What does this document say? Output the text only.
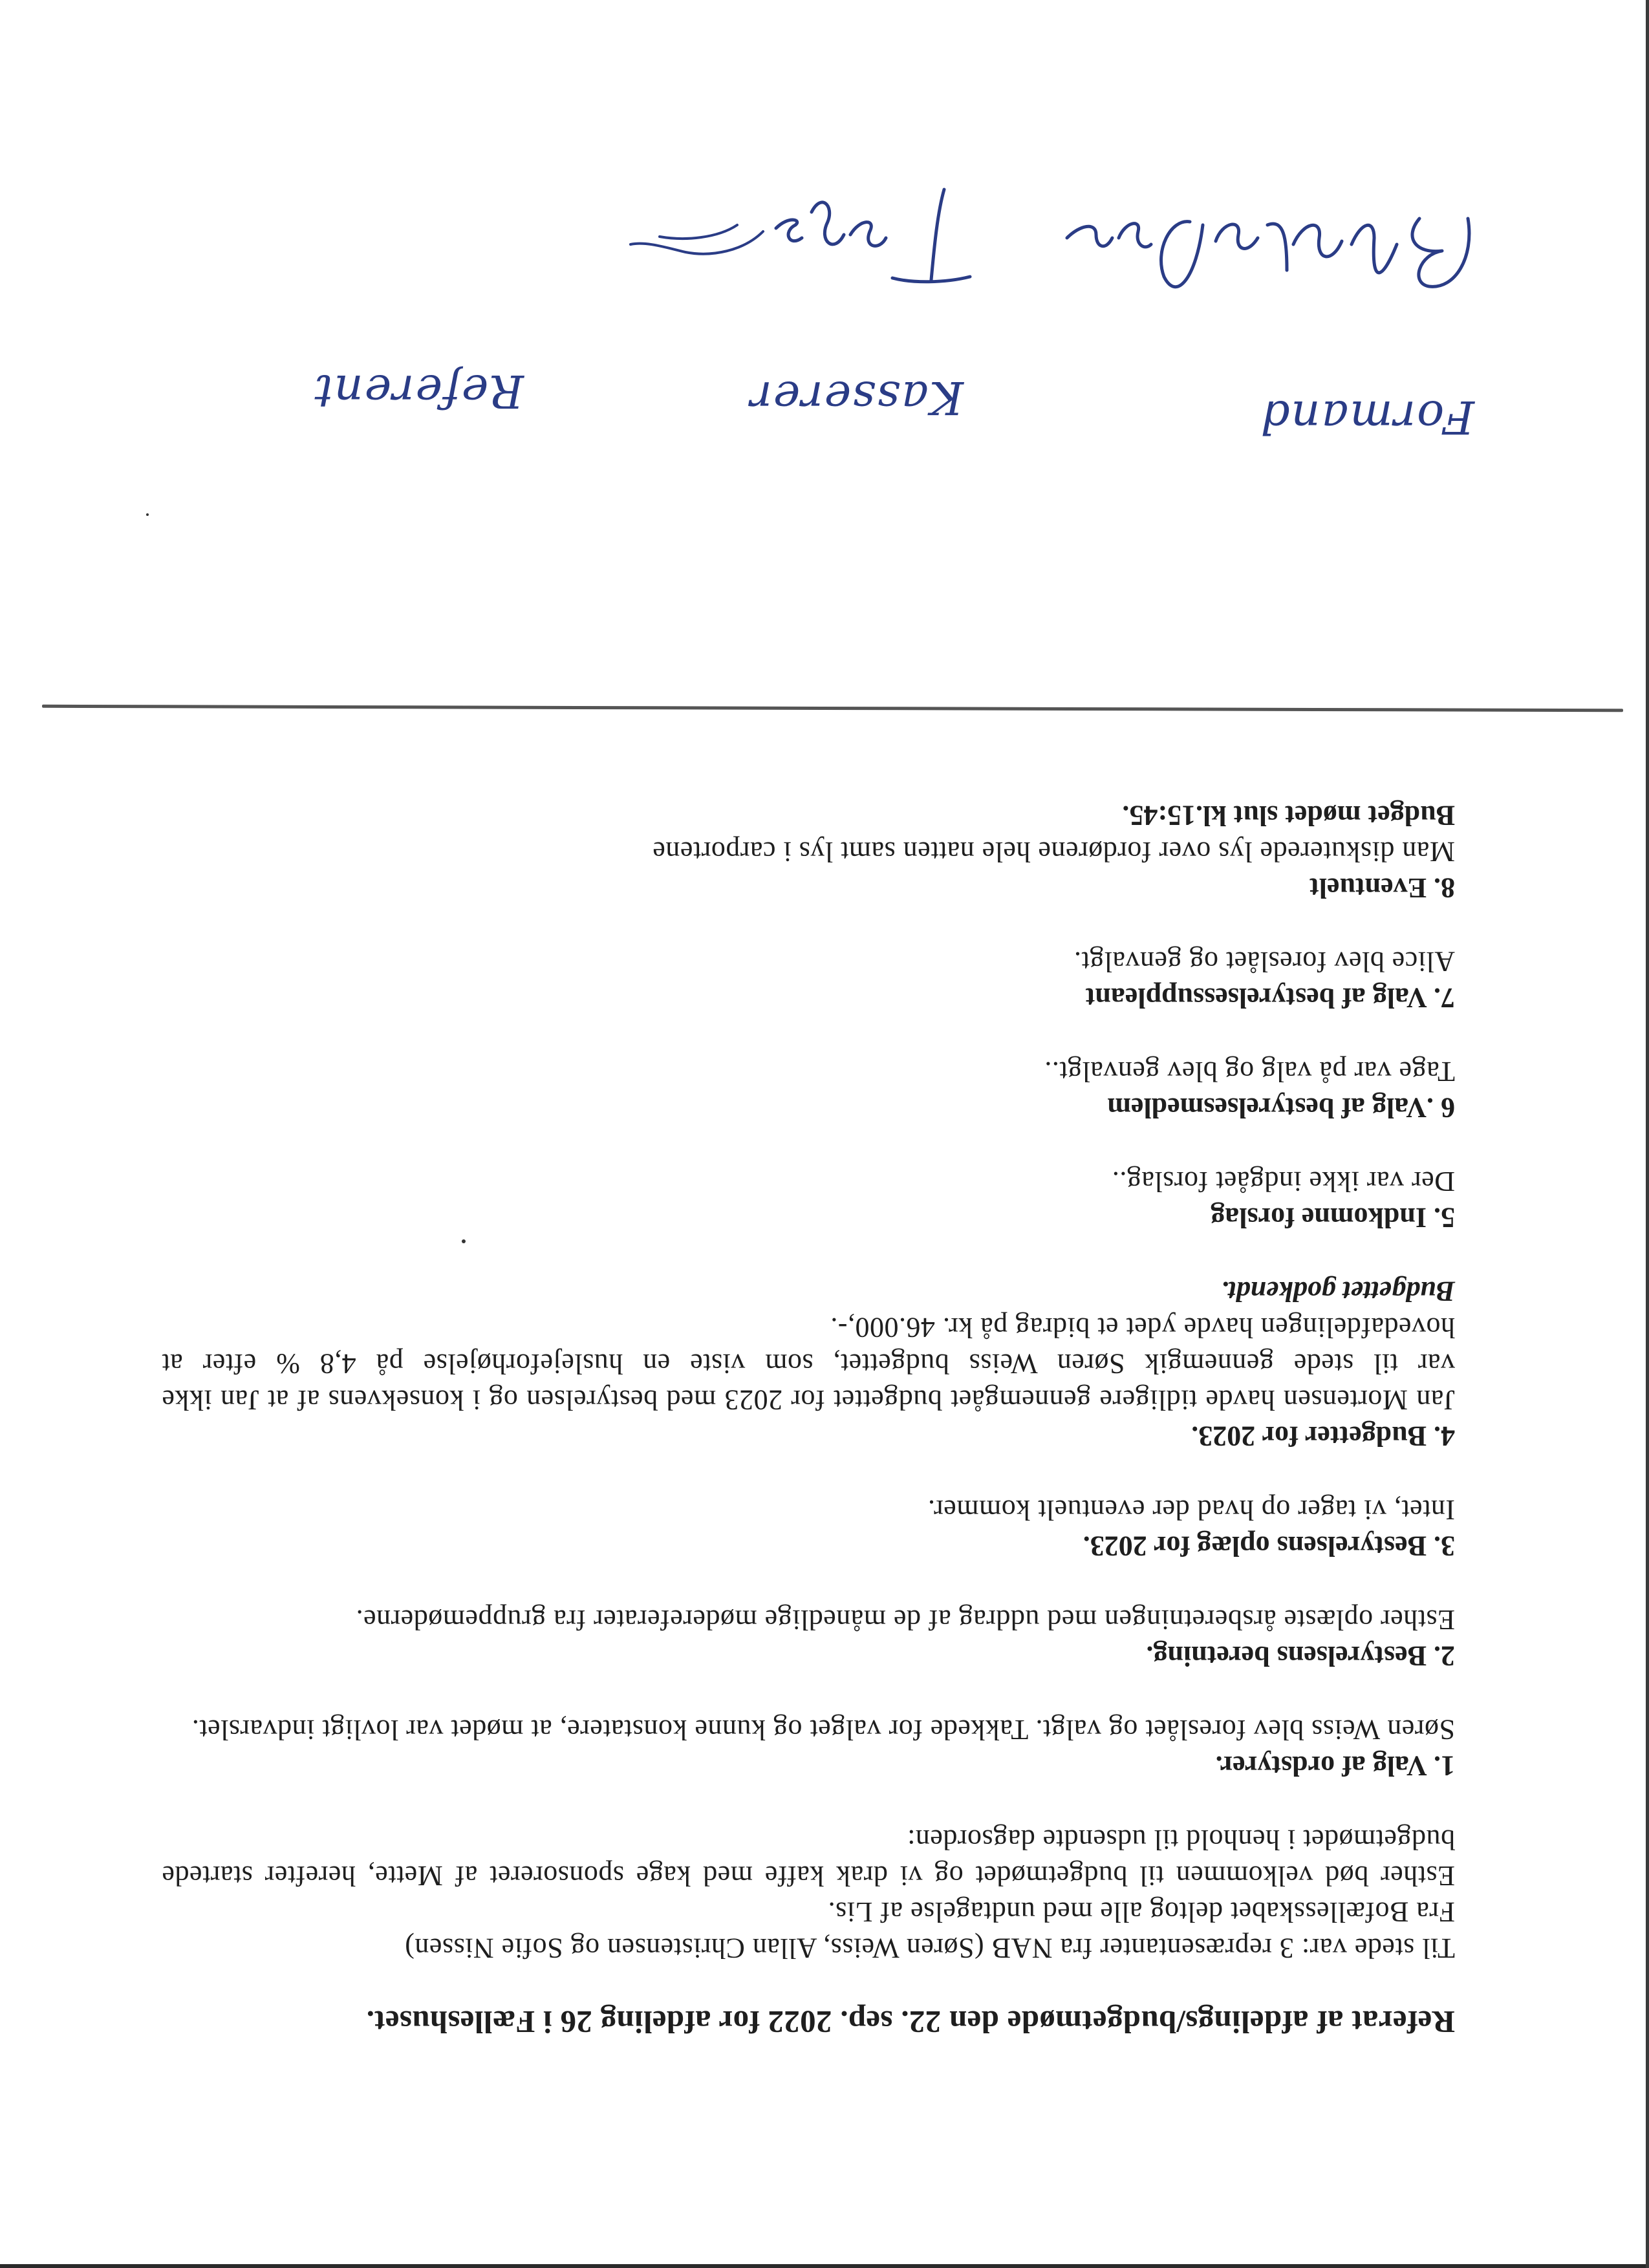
Referat af afdelings/budgetmøde den 22. sep. 2022 for afdeling 26 i Fælleshuset.

Til stede var: 3 repræsentanter fra NAB (Søren Weiss, Allan Christensen og Sofie Nissen)

Fra Bofællesskabet deltog alle med undtagelse af Lis.

Esther bød velkommen til budgetmødet og vi drak kaffe med kage sponsoreret af Mette, herefter startede budgetmødet i henhold til udsendte dagsorden:

1. Valg af ordstyrer.

Søren Weiss blev foreslået og valgt. Takkede for valget og kunne konstatere, at mødet var lovligt indvarslet.

2. Bestyrelsens beretning.

Esther oplæste årsberetningen med uddrag af de månedlige mødereferater fra gruppemøderne.

3. Bestyrelsens oplæg for 2023.

Intet, vi tager op hvad der eventuelt kommer.

4. Budgetter for 2023.

Jan Mortensen havde tidligere gennemgået budgettet for 2023 med bestyrelsen og i konsekvens af at Jan ikke var til stede gennemgik Søren Weiss budgettet, som viste en huslejeforhøjelse på 4,8 % efter at hovedafdelingen havde ydet et bidrag på kr. 46.000,-.

Budgettet godkendt.

5. Indkomne forslag

Der var ikke indgået forslag..

6 .Valg af bestyrelsesmedlem

Tage var på valg og blev genvalgt..

7. Valg af bestyrelsessuppleant

Alice blev foreslået og genvalgt.

8. Eventuelt

Man diskuterede lys over fordørene hele natten samt lys i carportene

Budget mødet slut kl.15:45.

Formand
Kasserer
Referent
